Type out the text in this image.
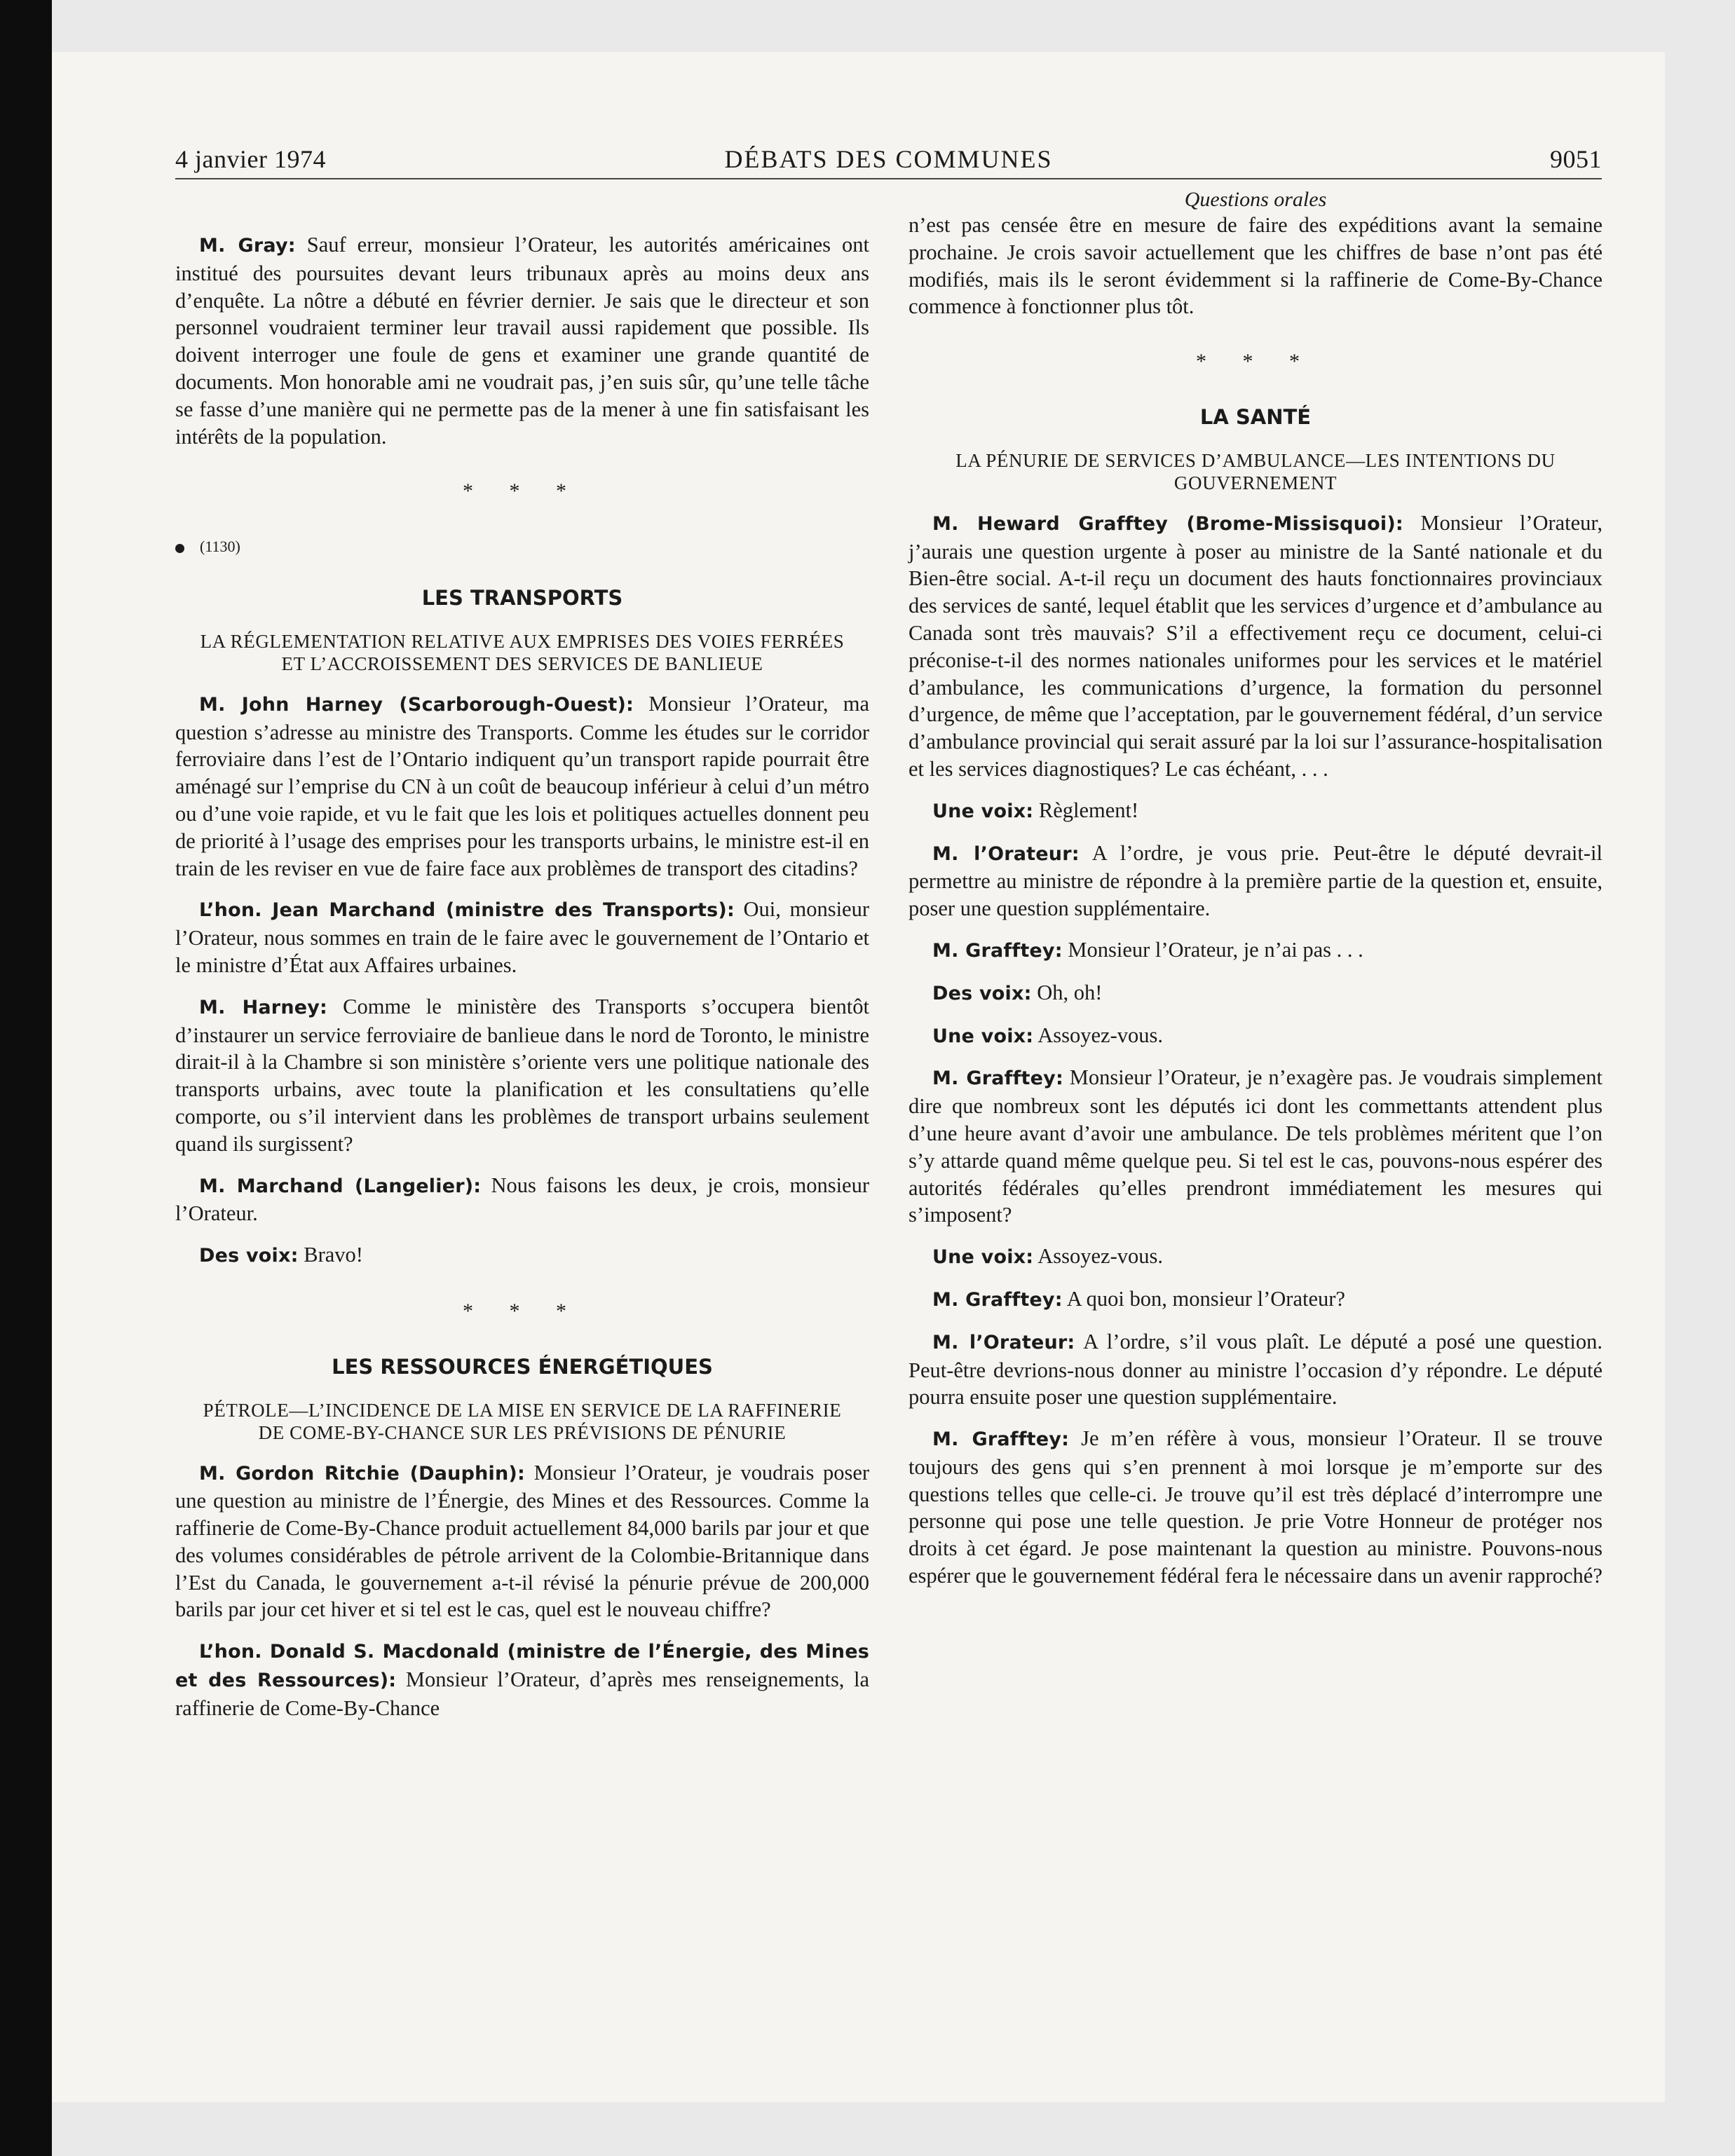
4 janvier 1974	DÉBATS DES COMMUNES	9051

M. Gray: Sauf erreur, monsieur l’Orateur, les autorités américaines ont institué des poursuites devant leurs tribunaux après au moins deux ans d’enquête. La nôtre a débuté en février dernier. Je sais que le directeur et son personnel voudraient terminer leur travail aussi rapidement que possible. Ils doivent interroger une foule de gens et examiner une grande quantité de documents. Mon honorable ami ne voudrait pas, j’en suis sûr, qu’une telle tâche se fasse d’une manière qui ne permette pas de la mener à une fin satisfaisant les intérêts de la population.

* * *
(1130)
LES TRANSPORTS
LA RÉGLEMENTATION RELATIVE AUX EMPRISES DES VOIES FERRÉES ET L’ACCROISSEMENT DES SERVICES DE BANLIEUE

M. John Harney (Scarborough-Ouest): Monsieur l’Orateur, ma question s’adresse au ministre des Transports. Comme les études sur le corridor ferroviaire dans l’est de l’Ontario indiquent qu’un transport rapide pourrait être aménagé sur l’emprise du CN à un coût de beaucoup inférieur à celui d’un métro ou d’une voie rapide, et vu le fait que les lois et politiques actuelles donnent peu de priorité à l’usage des emprises pour les transports urbains, le ministre est-il en train de les reviser en vue de faire face aux problèmes de transport des citadins?

L’hon. Jean Marchand (ministre des Transports): Oui, monsieur l’Orateur, nous sommes en train de le faire avec le gouvernement de l’Ontario et le ministre d’État aux Affaires urbaines.

M. Harney: Comme le ministère des Transports s’occupera bientôt d’instaurer un service ferroviaire de banlieue dans le nord de Toronto, le ministre dirait-il à la Chambre si son ministère s’oriente vers une politique nationale des transports urbains, avec toute la planification et les consultatiens qu’elle comporte, ou s’il intervient dans les problèmes de transport urbains seulement quand ils surgissent?

M. Marchand (Langelier): Nous faisons les deux, je crois, monsieur l’Orateur.

Des voix: Bravo!

* * *
LES RESSOURCES ÉNERGÉTIQUES
PÉTROLE—L’INCIDENCE DE LA MISE EN SERVICE DE LA RAFFINERIE DE COME-BY-CHANCE SUR LES PRÉVISIONS DE PÉNURIE

M. Gordon Ritchie (Dauphin): Monsieur l’Orateur, je voudrais poser une question au ministre de l’Énergie, des Mines et des Ressources. Comme la raffinerie de Come-By-Chance produit actuellement 84,000 barils par jour et que des volumes considérables de pétrole arrivent de la Colombie-Britannique dans l’Est du Canada, le gouvernement a-t-il révisé la pénurie prévue de 200,000 barils par jour cet hiver et si tel est le cas, quel est le nouveau chiffre?

L’hon. Donald S. Macdonald (ministre de l’Énergie, des Mines et des Ressources): Monsieur l’Orateur, d’après mes renseignements, la raffinerie de Come-By-Chance

Questions orales

n’est pas censée être en mesure de faire des expéditions avant la semaine prochaine. Je crois savoir actuellement que les chiffres de base n’ont pas été modifiés, mais ils le seront évidemment si la raffinerie de Come-By-Chance commence à fonctionner plus tôt.

* * *
LA SANTÉ
LA PÉNURIE DE SERVICES D’AMBULANCE—LES INTENTIONS DU GOUVERNEMENT

M. Heward Grafftey (Brome-Missisquoi): Monsieur l’Orateur, j’aurais une question urgente à poser au ministre de la Santé nationale et du Bien-être social. A-t-il reçu un document des hauts fonctionnaires provinciaux des services de santé, lequel établit que les services d’urgence et d’ambulance au Canada sont très mauvais? S’il a effectivement reçu ce document, celui-ci préconise-t-il des normes nationales uniformes pour les services et le matériel d’ambulance, les communications d’urgence, la formation du personnel d’urgence, de même que l’acceptation, par le gouvernement fédéral, d’un service d’ambulance provincial qui serait assuré par la loi sur l’assurance-hospitalisation et les services diagnostiques? Le cas échéant, . . .

Une voix: Règlement!

M. l’Orateur: A l’ordre, je vous prie. Peut-être le député devrait-il permettre au ministre de répondre à la première partie de la question et, ensuite, poser une question supplémentaire.

M. Grafftey: Monsieur l’Orateur, je n’ai pas . . .

Des voix: Oh, oh!

Une voix: Assoyez-vous.

M. Grafftey: Monsieur l’Orateur, je n’exagère pas. Je voudrais simplement dire que nombreux sont les députés ici dont les commettants attendent plus d’une heure avant d’avoir une ambulance. De tels problèmes méritent que l’on s’y attarde quand même quelque peu. Si tel est le cas, pouvons-nous espérer des autorités fédérales qu’elles prendront immédiatement les mesures qui s’imposent?

Une voix: Assoyez-vous.

M. Grafftey: A quoi bon, monsieur l’Orateur?

M. l’Orateur: A l’ordre, s’il vous plaît. Le député a posé une question. Peut-être devrions-nous donner au ministre l’occasion d’y répondre. Le député pourra ensuite poser une question supplémentaire.

M. Grafftey: Je m’en réfère à vous, monsieur l’Orateur. Il se trouve toujours des gens qui s’en prennent à moi lorsque je m’emporte sur des questions telles que celle-ci. Je trouve qu’il est très déplacé d’interrompre une personne qui pose une telle question. Je prie Votre Honneur de protéger nos droits à cet égard. Je pose maintenant la question au ministre. Pouvons-nous espérer que le gouvernement fédéral fera le nécessaire dans un avenir rapproché?
